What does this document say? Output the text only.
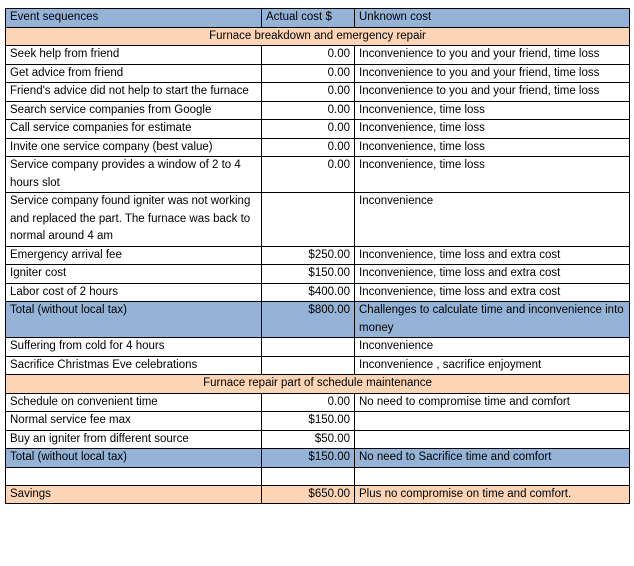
Event sequences	Actual cost $	Unknown cost
Furnace breakdown and emergency repair		
Seek help from friend	0.00	Inconvenience to you and your friend, time loss
Get advice from friend	0.00	Inconvenience to you and your friend, time loss
Friend's advice did not help to start the furnace	0.00	Inconvenience to you and your friend, time loss
Search service companies from Google	0.00	Inconvenience, time loss
Call service companies for estimate	0.00	Inconvenience, time loss
Invite one service company (best value)	0.00	Inconvenience, time loss
Service company provides a window of 2 to 4 hours slot	0.00	Inconvenience, time loss
Service company found igniter was not working and replaced the part. The furnace was back to normal around 4 am		Inconvenience
Emergency arrival fee	$250.00	Inconvenience, time loss and extra cost
Igniter cost	$150.00	Inconvenience, time loss and extra cost
Labor cost of 2 hours	$400.00	Inconvenience, time loss and extra cost
Total (without local tax)	$800.00	Challenges to calculate time and inconvenience into money
Suffering from cold for 4 hours		Inconvenience
Sacrifice Christmas Eve celebrations		Inconvenience , sacrifice enjoyment
Furnace repair part of schedule maintenance		
Schedule on convenient time	0.00	No need to compromise time and comfort
Normal service fee max	$150.00	
Buy an igniter from different source	$50.00	
Total (without local tax)	$150.00	No need to Sacrifice time and comfort

Savings	$650.00	Plus no compromise on time and comfort.
